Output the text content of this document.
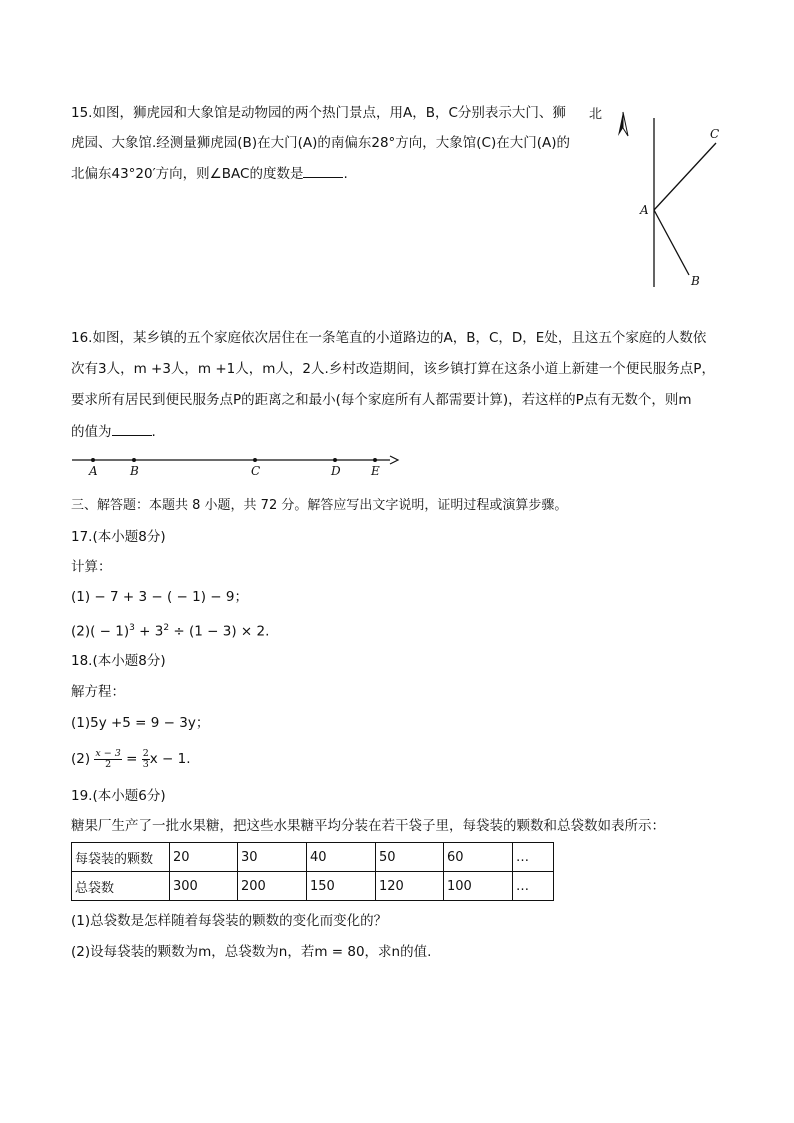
15.如图，狮虎园和大象馆是动物园的两个热门景点，用A，B，C分别表示大门、狮
虎园、大象馆.经测量狮虎园(B)在大门(A)的南偏东28°方向，大象馆(C)在大门(A)的
北偏东43°20′方向，则∠BAC的度数是	.
北
C
A
B
16.如图，某乡镇的五个家庭依次居住在一条笔直的小道路边的A，B，C，D，E处，且这五个家庭的人数依
次有3人，m +3人，m +1人，m人，2人.乡村改造期间，该乡镇打算在这条小道上新建一个便民服务点P，
要求所有居民到便民服务点P的距离之和最小(每个家庭所有人都需要计算)，若这样的P点有无数个，则m
的值为	.
A	B	C	D	E
三、解答题：本题共 8 小题，共 72 分。解答应写出文字说明，证明过程或演算步骤。
17.(本小题8分)
计算：
(1) − 7 + 3 − ( − 1) − 9；
$(2)( - 1)^3 + 3^2 \div (1 - 3) \times 2$.
18.(本小题8分)
解方程：
(1)5y +5 = 9 − 3y；
$(2) \frac{x - 3}{2} = \frac{2}{3}$ x − 1.
19.(本小题6分)
糖果厂生产了一批水果糖，把这些水果糖平均分装在若干袋子里，每袋装的颗数和总袋数如表所示：
每袋装的颗数	20	30	40	50	60	…
总袋数	300	200	150	120	100	…
(1)总袋数是怎样随着每袋装的颗数的变化而变化的？
(2)设每袋装的颗数为m，总袋数为n，若m = 80，求n的值.
